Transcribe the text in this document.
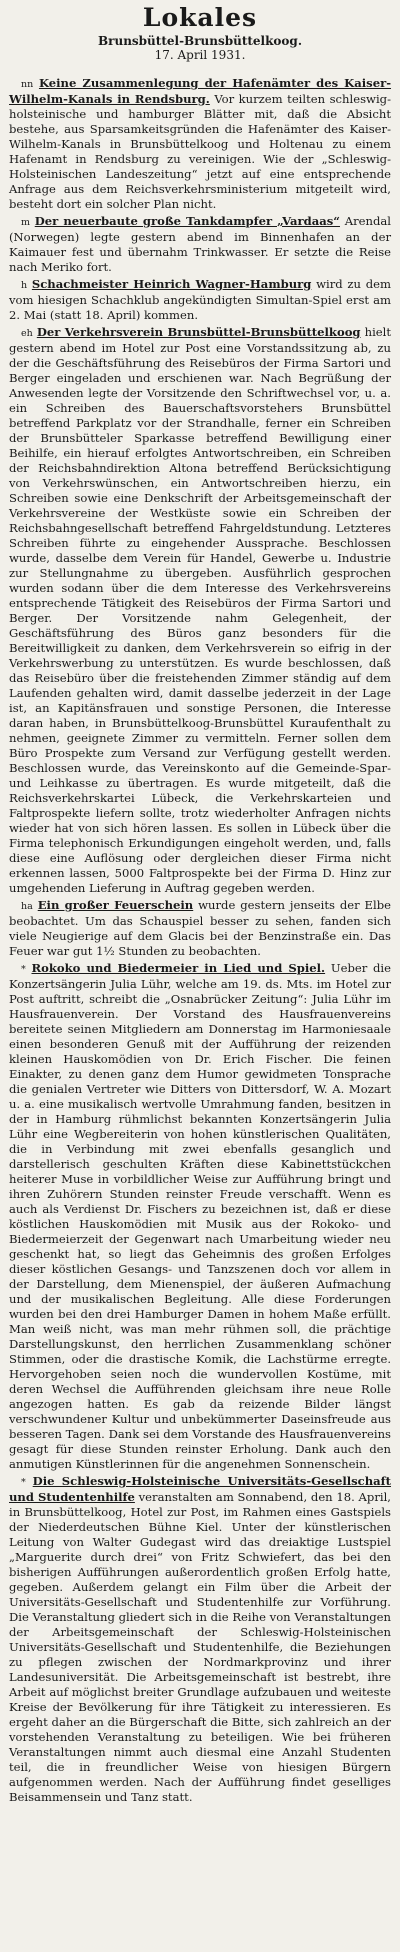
Lokales
Brunsbüttel-Brunsbüttelkoog.
17. April 1931.

nn Keine Zusammenlegung der Hafenämter des Kaiser-Wilhelm-Kanals in Rendsburg. Vor kurzem teilten schleswig-holsteinische und hamburger Blätter mit, daß die Absicht bestehe, aus Sparsamkeitsgründen die Hafenämter des Kaiser-Wilhelm-Kanals in Brunsbüttelkoog und Holtenau zu einem Hafenamt in Rendsburg zu vereinigen. Wie der „Schleswig-Holsteinischen Landeszeitung“ jetzt auf eine entsprechende Anfrage aus dem Reichsverkehrsministerium mitgeteilt wird, besteht dort ein solcher Plan nicht.

m Der neuerbaute große Tankdampfer „Vardaas“ Arendal (Norwegen) legte gestern abend im Binnenhafen an der Kaimauer fest und übernahm Trinkwasser. Er setzte die Reise nach Meriko fort.

h Schachmeister Heinrich Wagner-Hamburg wird zu dem vom hiesigen Schachklub angekündigten Simultan-Spiel erst am 2. Mai (statt 18. April) kommen.

eh Der Verkehrsverein Brunsbüttel-Brunsbüttelkoog hielt gestern abend im Hotel zur Post eine Vorstandssitzung ab, zu der die Geschäftsführung des Reisebüros der Firma Sartori und Berger eingeladen und erschienen war. Nach Begrüßung der Anwesenden legte der Vorsitzende den Schriftwechsel vor, u. a. ein Schreiben des Bauerschaftsvorstehers Brunsbüttel betreffend Parkplatz vor der Strandhalle, ferner ein Schreiben der Brunsbütteler Sparkasse betreffend Bewilligung einer Beihilfe, ein hierauf erfolgtes Antwortschreiben, ein Schreiben der Reichsbahndirektion Altona betreffend Berücksichtigung von Verkehrswünschen, ein Antwortschreiben hierzu, ein Schreiben sowie eine Denkschrift der Arbeitsgemeinschaft der Verkehrsvereine der Westküste sowie ein Schreiben der Reichsbahngesellschaft betreffend Fahrgeldstundung. Letzteres Schreiben führte zu eingehender Aussprache. Beschlossen wurde, dasselbe dem Verein für Handel, Gewerbe u. Industrie zur Stellungnahme zu übergeben. Ausführlich gesprochen wurden sodann über die dem Interesse des Verkehrsvereins entsprechende Tätigkeit des Reisebüros der Firma Sartori und Berger. Der Vorsitzende nahm Gelegenheit, der Geschäftsführung des Büros ganz besonders für die Bereitwilligkeit zu danken, dem Verkehrsverein so eifrig in der Verkehrswerbung zu unterstützen. Es wurde beschlossen, daß das Reisebüro über die freistehenden Zimmer ständig auf dem Laufenden gehalten wird, damit dasselbe jederzeit in der Lage ist, an Kapitänsfrauen und sonstige Personen, die Interesse daran haben, in Brunsbüttelkoog-Brunsbüttel Kuraufenthalt zu nehmen, geeignete Zimmer zu vermitteln. Ferner sollen dem Büro Prospekte zum Versand zur Verfügung gestellt werden. Beschlossen wurde, das Vereinskonto auf die Gemeinde-Spar- und Leihkasse zu übertragen. Es wurde mitgeteilt, daß die Reichsverkehrskartei Lübeck, die Verkehrskarteien und Faltprospekte liefern sollte, trotz wiederholter Anfragen nichts wieder hat von sich hören lassen. Es sollen in Lübeck über die Firma telephonisch Erkundigungen eingeholt werden, und, falls diese eine Auflösung oder dergleichen dieser Firma nicht erkennen lassen, 5000 Faltprospekte bei der Firma D. Hinz zur umgehenden Lieferung in Auftrag gegeben werden.

ha Ein großer Feuerschein wurde gestern jenseits der Elbe beobachtet. Um das Schauspiel besser zu sehen, fanden sich viele Neugierige auf dem Glacis bei der Benzinstraße ein. Das Feuer war gut 1½ Stunden zu beobachten.

* Rokoko und Biedermeier in Lied und Spiel. Ueber die Konzertsängerin Julia Lühr, welche am 19. ds. Mts. im Hotel zur Post auftritt, schreibt die „Osnabrücker Zeitung“: Julia Lühr im Hausfrauenverein. Der Vorstand des Hausfrauenvereins bereitete seinen Mitgliedern am Donnerstag im Harmoniesaale einen besonderen Genuß mit der Aufführung der reizenden kleinen Hauskomödien von Dr. Erich Fischer. Die feinen Einakter, zu denen ganz dem Humor gewidmeten Tonsprache die genialen Vertreter wie Ditters von Dittersdorf, W. A. Mozart u. a. eine musikalisch wertvolle Umrahmung fanden, besitzen in der in Hamburg rühmlichst bekannten Konzertsängerin Julia Lühr eine Wegbereiterin von hohen künstlerischen Qualitäten, die in Verbindung mit zwei ebenfalls gesanglich und darstellerisch geschulten Kräften diese Kabinettstückchen heiterer Muse in vorbildlicher Weise zur Aufführung bringt und ihren Zuhörern Stunden reinster Freude verschafft. Wenn es auch als Verdienst Dr. Fischers zu bezeichnen ist, daß er diese köstlichen Hauskomödien mit Musik aus der Rokoko- und Biedermeierzeit der Gegenwart nach Umarbeitung wieder neu geschenkt hat, so liegt das Geheimnis des großen Erfolges dieser köstlichen Gesangs- und Tanzszenen doch vor allem in der Darstellung, dem Mienenspiel, der äußeren Aufmachung und der musikalischen Begleitung. Alle diese Forderungen wurden bei den drei Hamburger Damen in hohem Maße erfüllt. Man weiß nicht, was man mehr rühmen soll, die prächtige Darstellungskunst, den herrlichen Zusammenklang schöner Stimmen, oder die drastische Komik, die Lachstürme erregte. Hervorgehoben seien noch die wundervollen Kostüme, mit deren Wechsel die Aufführenden gleichsam ihre neue Rolle angezogen hatten. Es gab da reizende Bilder längst verschwundener Kultur und unbekümmerter Daseinsfreude aus besseren Tagen. Dank sei dem Vorstande des Hausfrauenvereins gesagt für diese Stunden reinster Erholung. Dank auch den anmutigen Künstlerinnen für die angenehmen Sonnenschein.

* Die Schleswig-Holsteinische Universitäts-Gesellschaft und Studentenhilfe veranstalten am Sonnabend, den 18. April, in Brunsbüttelkoog, Hotel zur Post, im Rahmen eines Gastspiels der Niederdeutschen Bühne Kiel. Unter der künstlerischen Leitung von Walter Gudegast wird das dreiaktige Lustspiel „Marguerite durch drei“ von Fritz Schwiefert, das bei den bisherigen Aufführungen außerordentlich großen Erfolg hatte, gegeben. Außerdem gelangt ein Film über die Arbeit der Universitäts-Gesellschaft und Studentenhilfe zur Vorführung. Die Veranstaltung gliedert sich in die Reihe von Veranstaltungen der Arbeitsgemeinschaft der Schleswig-Holsteinischen Universitäts-Gesellschaft und Studentenhilfe, die Beziehungen zu pflegen zwischen der Nordmarkprovinz und ihrer Landesuniversität. Die Arbeitsgemeinschaft ist bestrebt, ihre Arbeit auf möglichst breiter Grundlage aufzubauen und weiteste Kreise der Bevölkerung für ihre Tätigkeit zu interessieren. Es ergeht daher an die Bürgerschaft die Bitte, sich zahlreich an der vorstehenden Veranstaltung zu beteiligen. Wie bei früheren Veranstaltungen nimmt auch diesmal eine Anzahl Studenten teil, die in freundlicher Weise von hiesigen Bürgern aufgenommen werden. Nach der Aufführung findet geselliges Beisammensein und Tanz statt.
